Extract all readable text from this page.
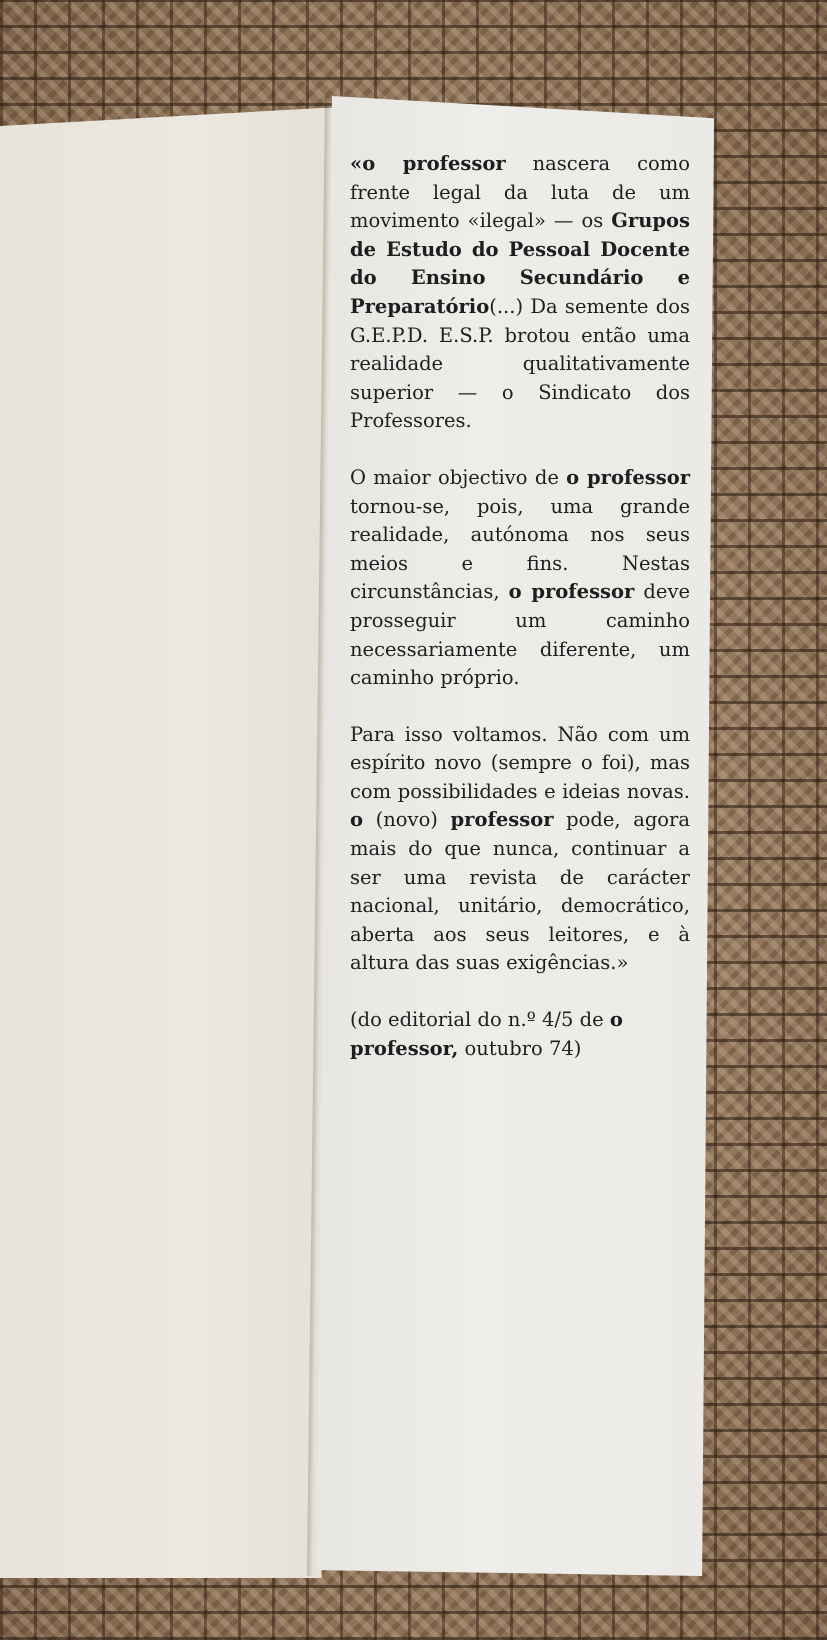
«o professor nascera como frente legal da luta de um movimento «ilegal» — os Grupos de Estudo do Pessoal Docente do Ensino Secundário e Preparatório(...) Da semente dos G.E.P.D. E.S.P. brotou então uma realidade qualitativamente superior — o Sindicato dos Professores.

O maior objectivo de o professor tornou-se, pois, uma grande realidade, autónoma nos seus meios e fins. Nestas circunstâncias, o professor deve prosseguir um caminho necessariamente diferente, um caminho próprio.

Para isso voltamos. Não com um espírito novo (sempre o foi), mas com possibilidades e ideias novas. o (novo) professor pode, agora mais do que nunca, continuar a ser uma revista de carácter nacional, unitário, democrático, aberta aos seus leitores, e à altura das suas exigências.»

(do editorial do n.º 4/5 de o professor, outubro 74)
